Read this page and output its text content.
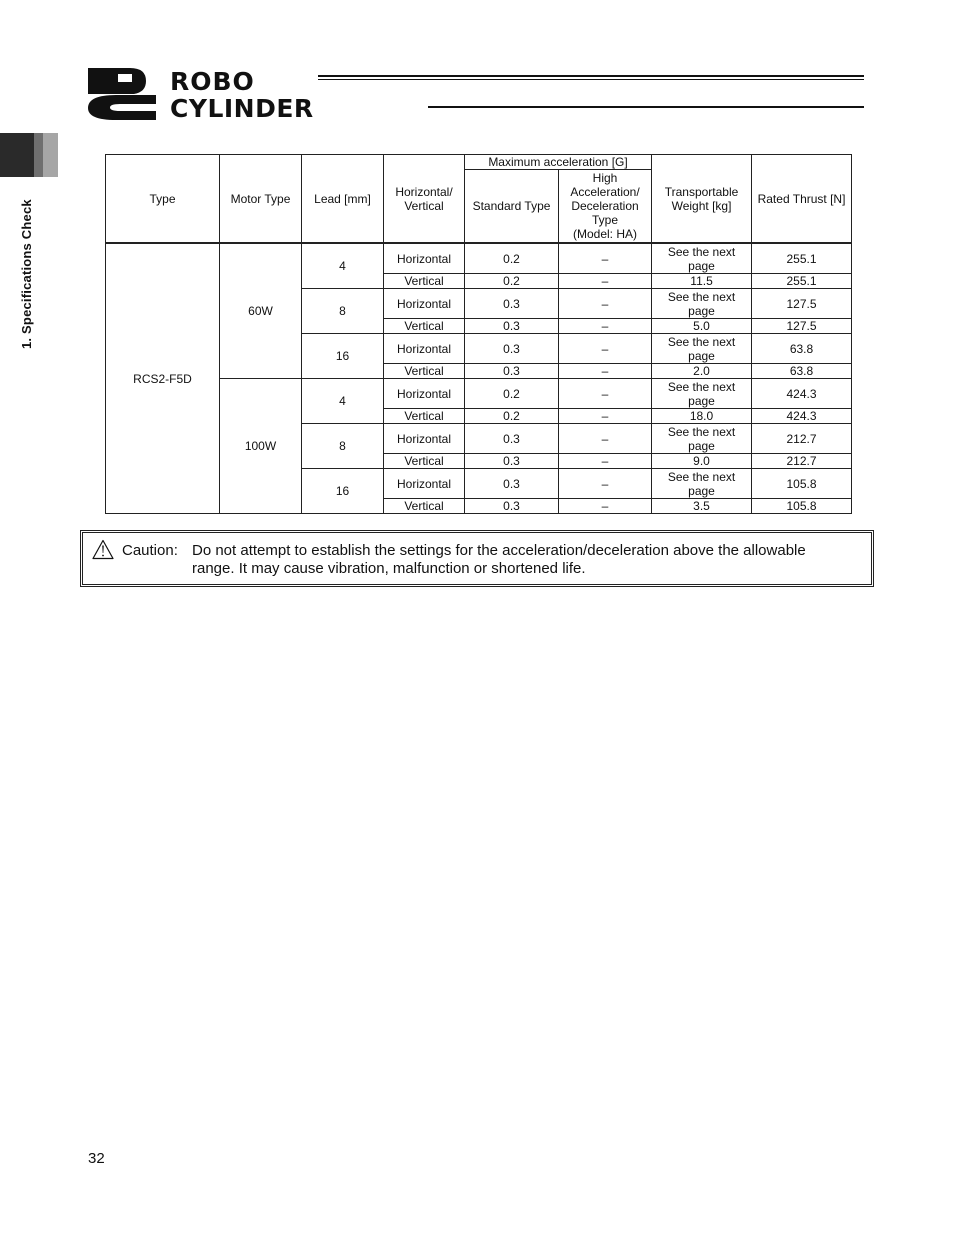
ROBO
CYLINDER
1. Specifications Check
Type	Motor Type	Lead [mm]	Horizontal/ Vertical	Maximum acceleration [G]		Transportable Weight [kg]	Rated Thrust [N]
				Standard Type	High
Acceleration/
Deceleration
Type
(Model: HA)		

RCS2-F5D	60W	4	Horizontal	0.2	–	See the next page	255.1
			Vertical	0.2	–	11.5	255.1
		8	Horizontal	0.3	–	See the next page	127.5
			Vertical	0.3	–	5.0	127.5
		16	Horizontal	0.3	–	See the next page	63.8
			Vertical	0.3	–	2.0	63.8
	100W	4	Horizontal	0.2	–	See the next page	424.3
			Vertical	0.2	–	18.0	424.3
		8	Horizontal	0.3	–	See the next page	212.7
			Vertical	0.3	–	9.0	212.7
		16	Horizontal	0.3	–	See the next page	105.8
			Vertical	0.3	–	3.5	105.8
Caution: Do not attempt to establish the settings for the acceleration/deceleration above the allowable range. It may cause vibration, malfunction or shortened life.
32
